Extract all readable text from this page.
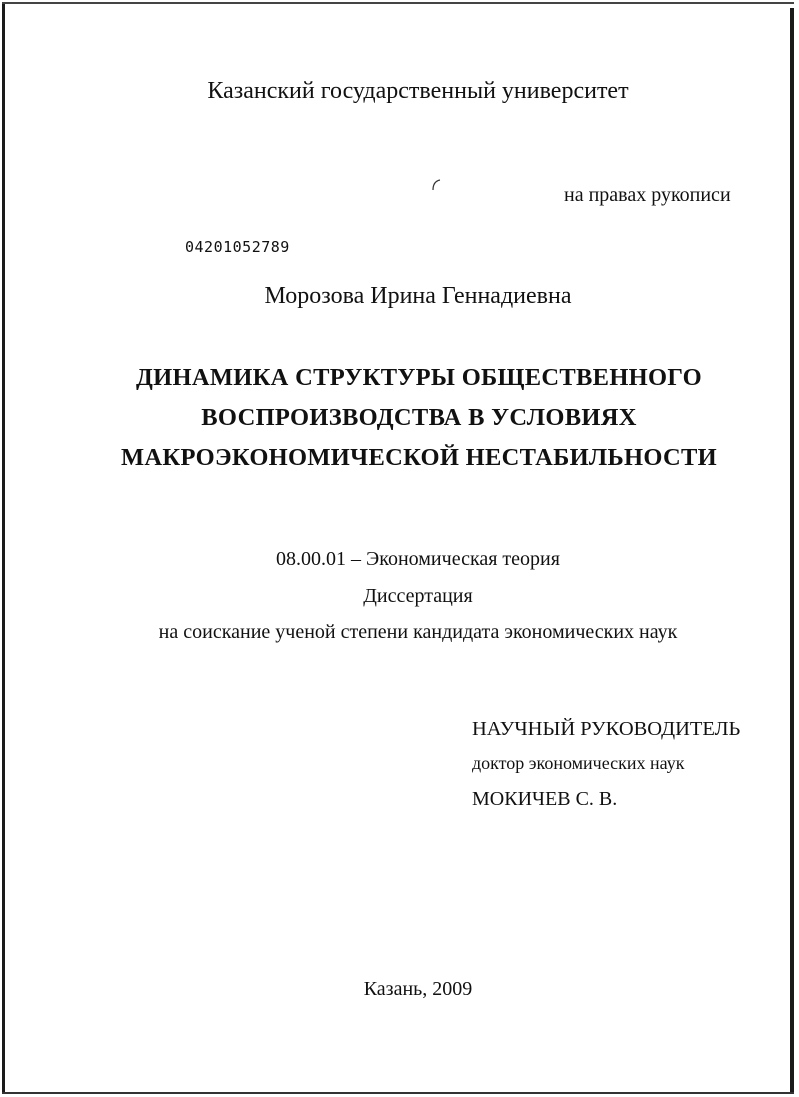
Казанский государственный университет
на правах рукописи
04201052789
Морозова Ирина Геннадиевна
ДИНАМИКА СТРУКТУРЫ ОБЩЕСТВЕННОГО
ВОСПРОИЗВОДСТВА В УСЛОВИЯХ
МАКРОЭКОНОМИЧЕСКОЙ НЕСТАБИЛЬНОСТИ
08.00.01 – Экономическая теория
Диссертация
на соискание ученой степени кандидата экономических наук
НАУЧНЫЙ РУКОВОДИТЕЛЬ
доктор экономических наук
МОКИЧЕВ С. В.
Казань, 2009
